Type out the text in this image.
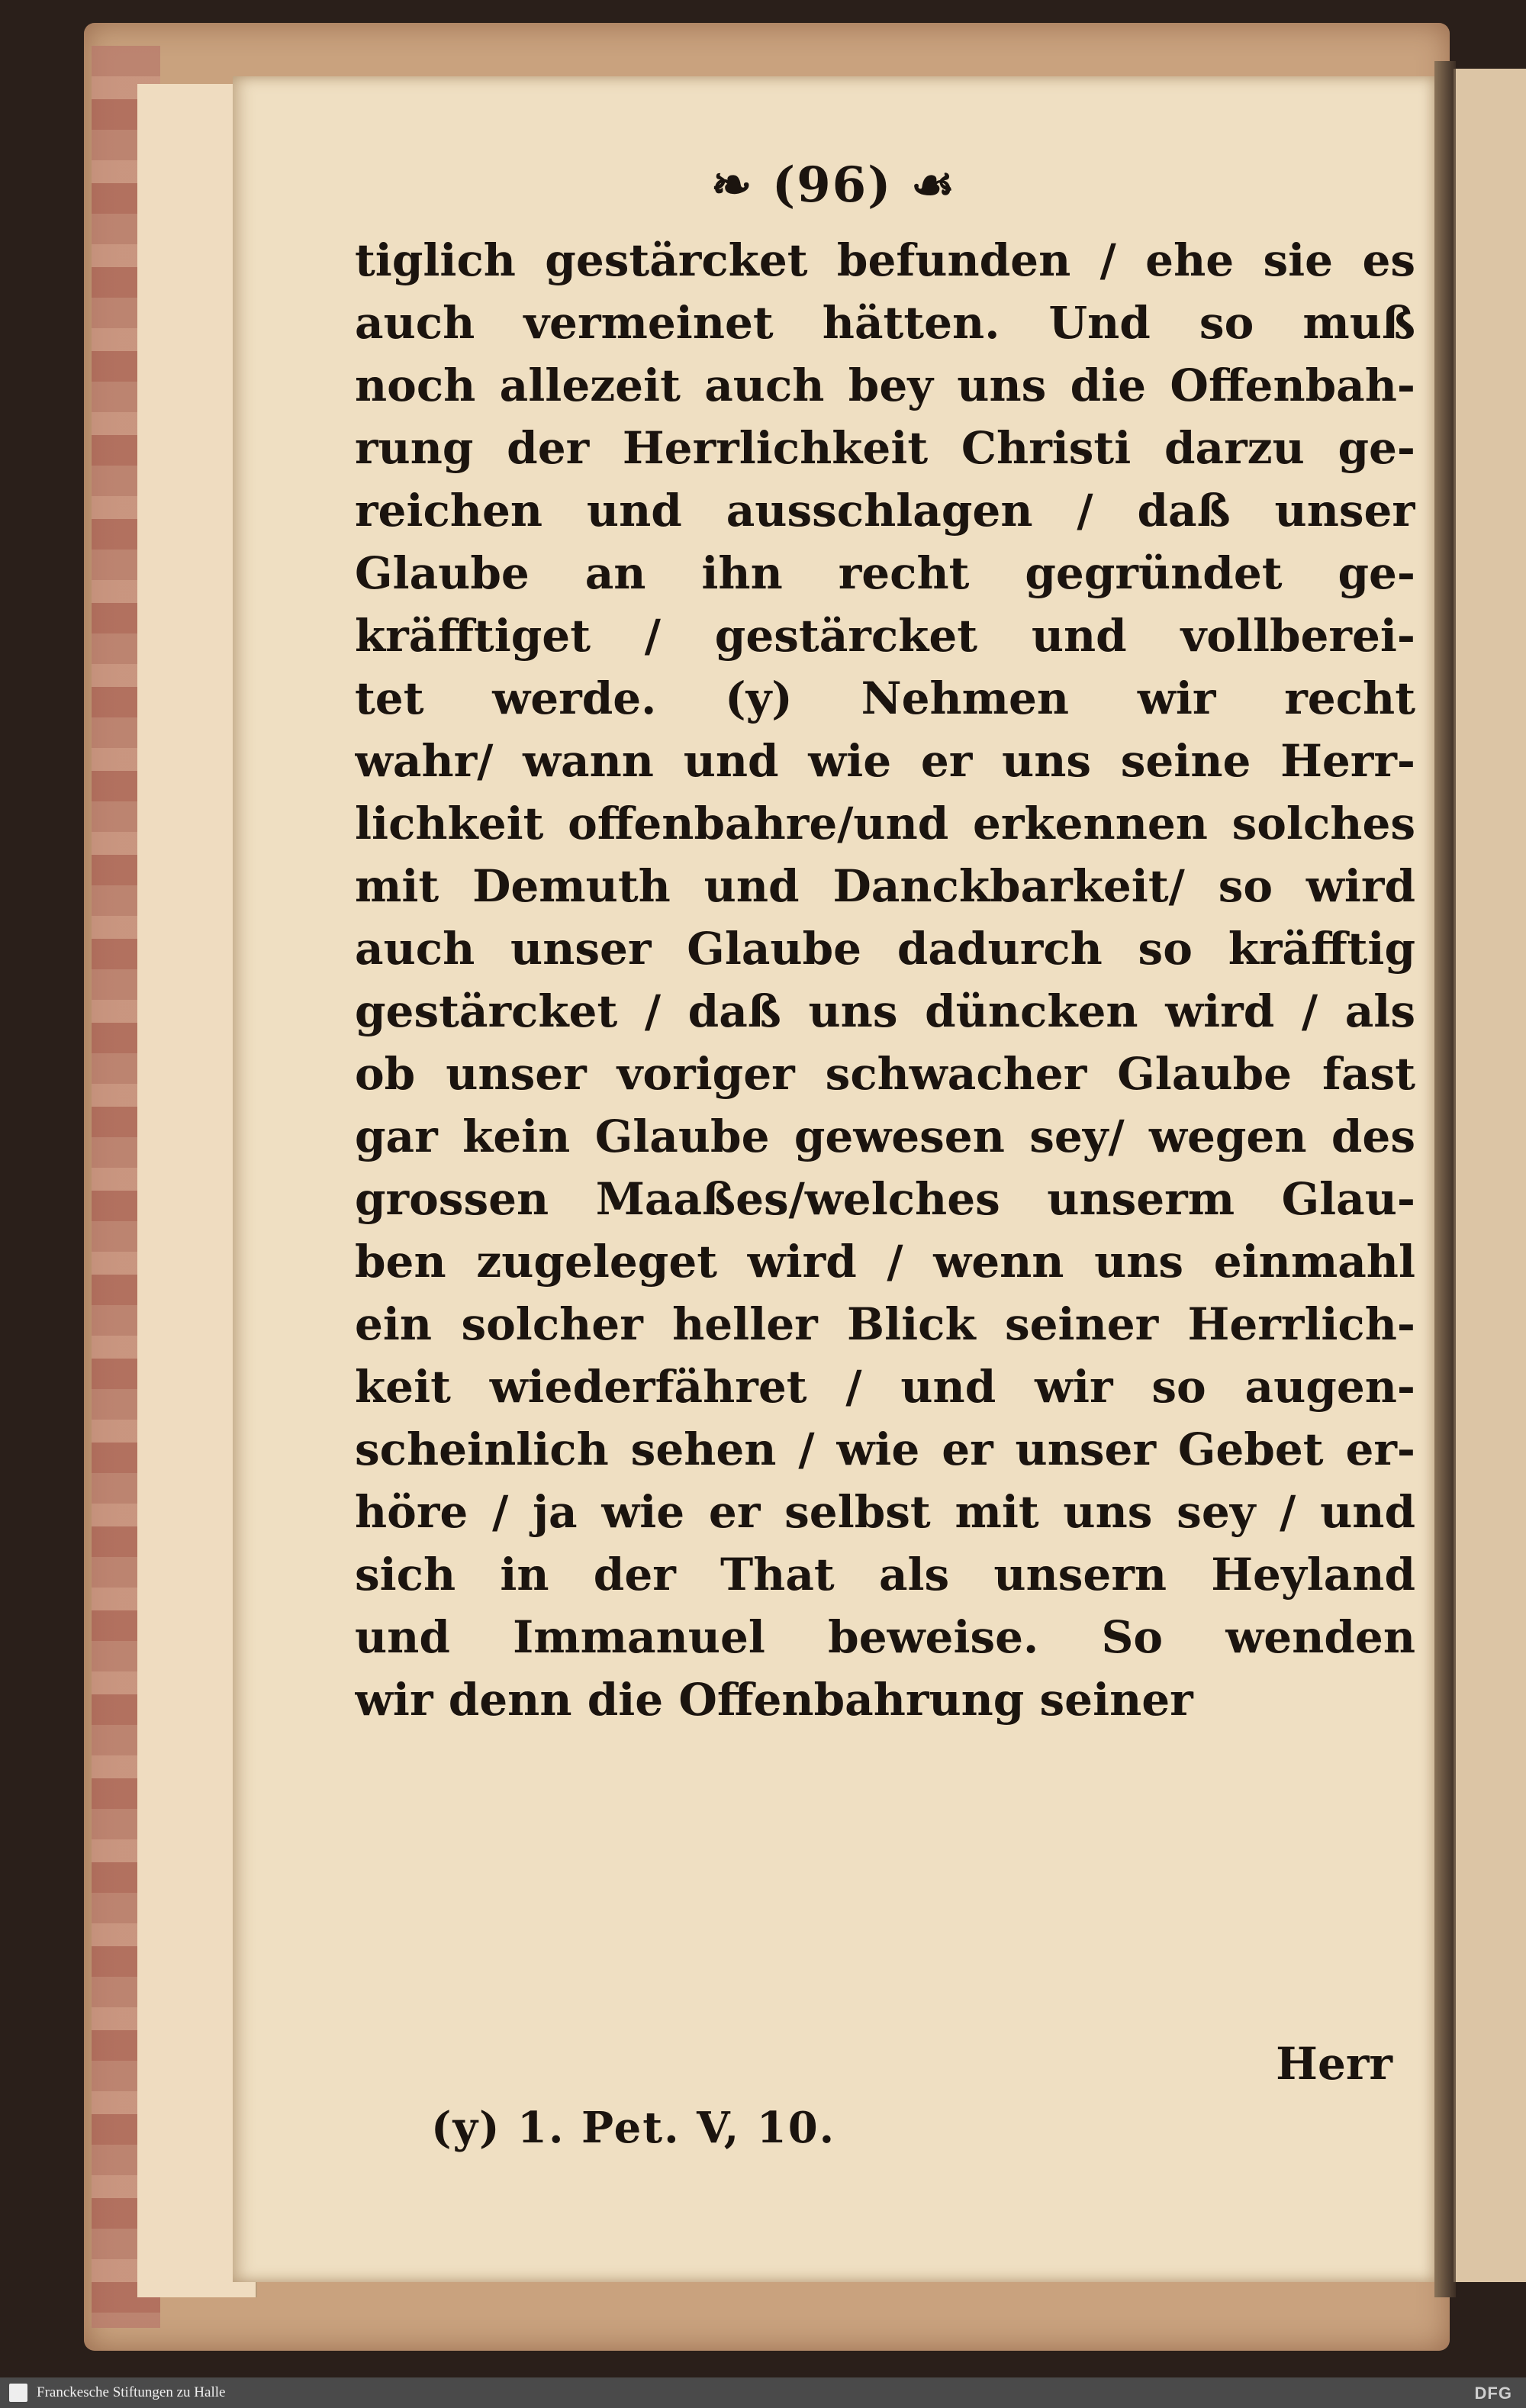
❧ (96) ☙
tiglich gestärcket befunden / ehe sie es
auch vermeinet hätten. Und so muß
noch allezeit auch bey uns die Offenbah-
rung der Herrlichkeit Christi darzu ge-
reichen und ausschlagen / daß unser
Glaube an ihn recht gegründet ge-
kräfftiget / gestärcket und vollberei-
tet werde. (y) Nehmen wir recht
wahr/ wann und wie er uns seine Herr-
lichkeit offenbahre/und erkennen solches
mit Demuth und Danckbarkeit/ so wird
auch unser Glaube dadurch so kräfftig
gestärcket / daß uns düncken wird / als
ob unser voriger schwacher Glaube fast
gar kein Glaube gewesen sey/ wegen des
grossen Maaßes/welches unserm Glau-
ben zugeleget wird / wenn uns einmahl
ein solcher heller Blick seiner Herrlich-
keit wiederfähret / und wir so augen-
scheinlich sehen / wie er unser Gebet er-
höre / ja wie er selbst mit uns sey / und
sich in der That als unsern Heyland
und Immanuel beweise. So wenden
wir denn die Offenbahrung seiner
(y) 1. Pet. V, 10.
Herr
Franckesche Stiftungen zu Halle	DFG
